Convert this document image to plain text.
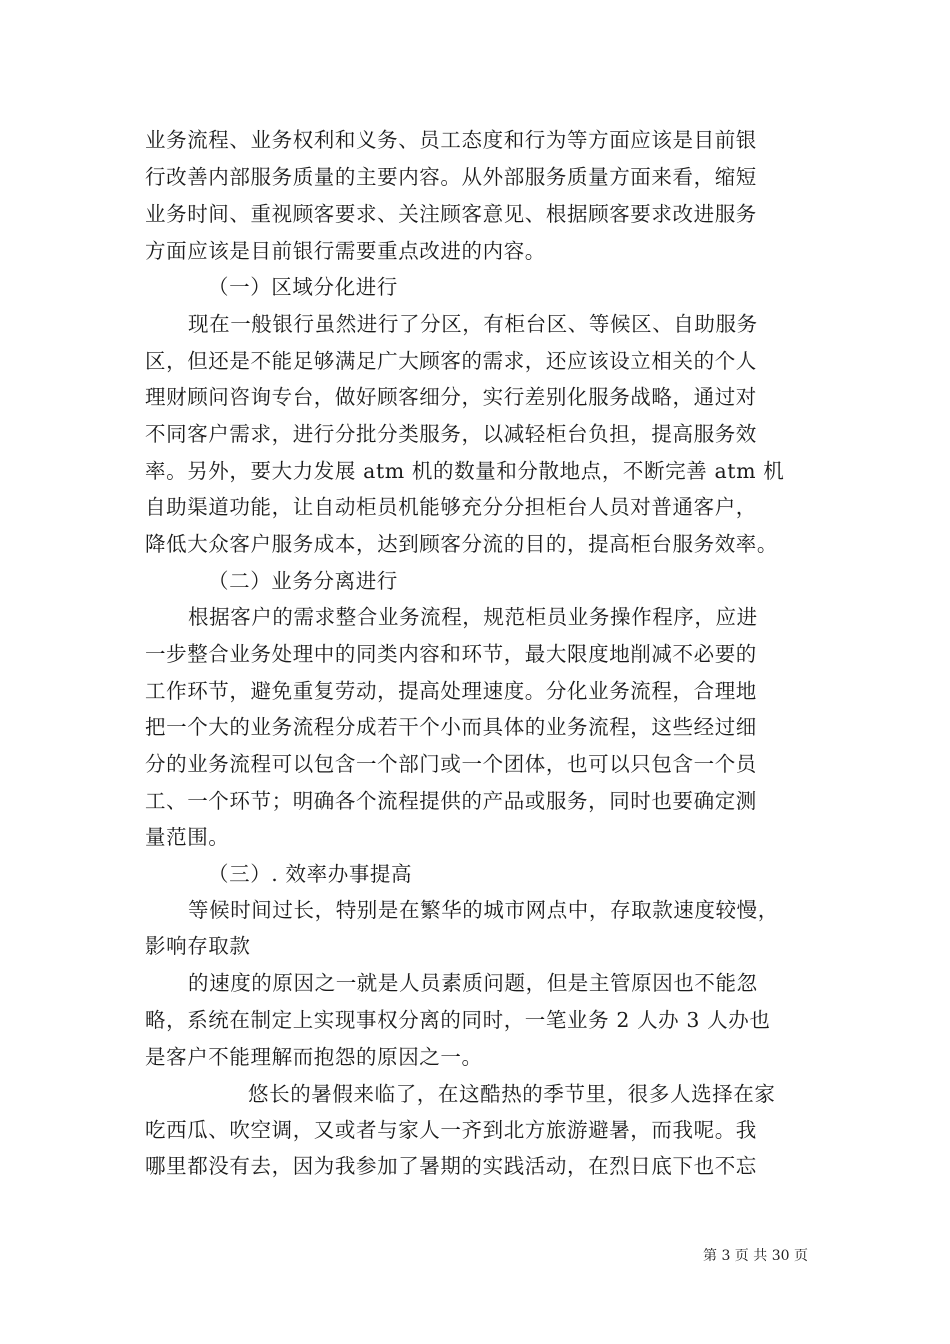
业务流程、业务权利和义务、员工态度和行为等方面应该是目前银
行改善内部服务质量的主要内容。从外部服务质量方面来看，缩短
业务时间、重视顾客要求、关注顾客意见、根据顾客要求改进服务
方面应该是目前银行需要重点改进的内容。
（一）区域分化进行
现在一般银行虽然进行了分区，有柜台区、等候区、自助服务
区，但还是不能足够满足广大顾客的需求，还应该设立相关的个人
理财顾问咨询专台，做好顾客细分，实行差别化服务战略，通过对
不同客户需求，进行分批分类服务，以减轻柜台负担，提高服务效
率。另外，要大力发展 atm 机的数量和分散地点，不断完善 atm 机
自助渠道功能，让自动柜员机能够充分分担柜台人员对普通客户，
降低大众客户服务成本，达到顾客分流的目的，提高柜台服务效率。
（二）业务分离进行
根据客户的需求整合业务流程，规范柜员业务操作程序，应进
一步整合业务处理中的同类内容和环节，最大限度地削减不必要的
工作环节，避免重复劳动，提高处理速度。分化业务流程，合理地
把一个大的业务流程分成若干个小而具体的业务流程，这些经过细
分的业务流程可以包含一个部门或一个团体，也可以只包含一个员
工、一个环节；明确各个流程提供的产品或服务，同时也要确定测
量范围。
（三）. 效率办事提高
等候时间过长，特别是在繁华的城市网点中，存取款速度较慢，
影响存取款
的速度的原因之一就是人员素质问题，但是主管原因也不能忽
略，系统在制定上实现事权分离的同时，一笔业务 2 人办 3 人办也
是客户不能理解而抱怨的原因之一。
悠长的暑假来临了，在这酷热的季节里，很多人选择在家
吃西瓜、吹空调，又或者与家人一齐到北方旅游避暑，而我呢。我
哪里都没有去，因为我参加了暑期的实践活动，在烈日底下也不忘
第 3 页 共 30 页
